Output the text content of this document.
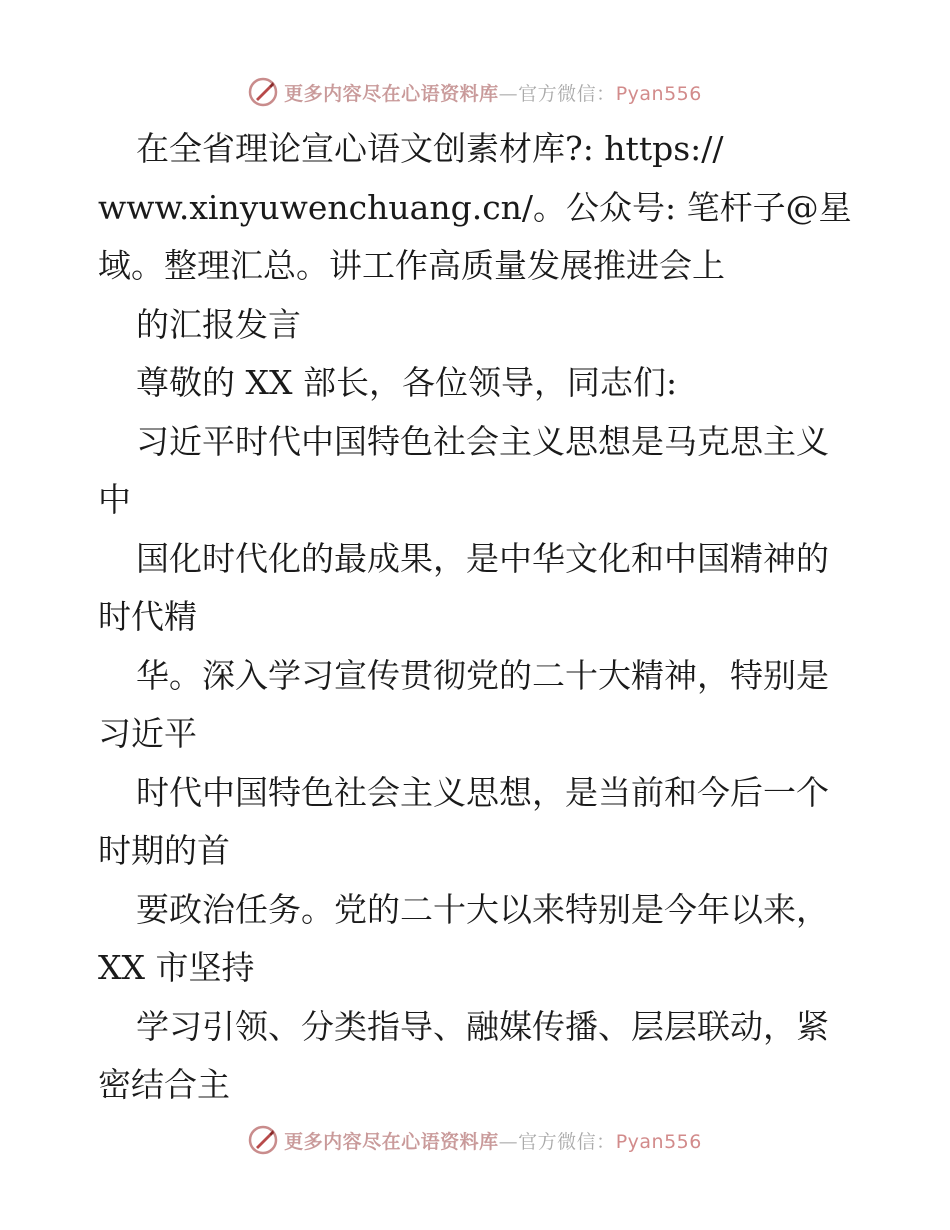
更多内容尽在心语资料库—官方微信：Pyan556
在全省理论宣心语文创素材库?: https://
www.xinyuwenchuang.cn/。公众号: 笔杆子@星
域。整理汇总。讲工作高质量发展推进会上
的汇报发言
尊敬的 XX 部长，各位领导，同志们:
习近平时代中国特色社会主义思想是马克思主义
中
国化时代化的最成果，是中华文化和中国精神的
时代精
华。深入学习宣传贯彻党的二十大精神，特别是
习近平
时代中国特色社会主义思想，是当前和今后一个
时期的首
要政治任务。党的二十大以来特别是今年以来，
XX 市坚持
学习引领、分类指导、融媒传播、层层联动，紧
密结合主
更多内容尽在心语资料库—官方微信：Pyan556
